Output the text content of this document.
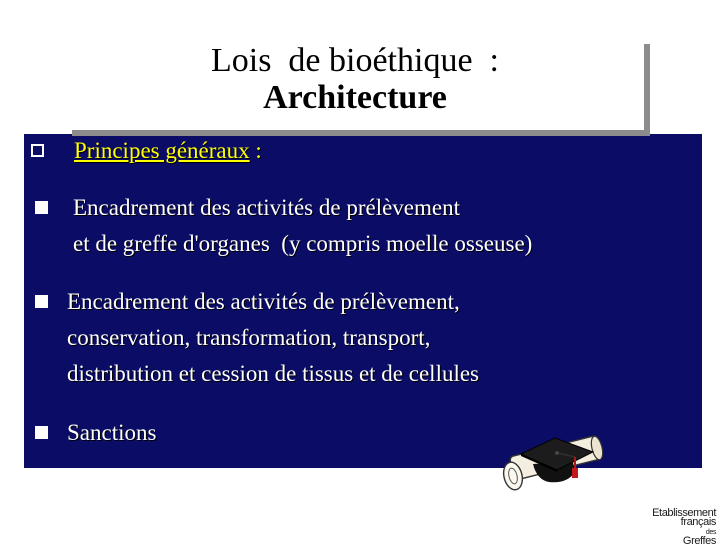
Lois  de bioéthique  :
Architecture
Principes généraux :
Encadrement des activités de prélèvement
et de greffe d'organes  (y compris moelle osseuse)
Encadrement des activités de prélèvement,
conservation, transformation, transport,
distribution et cession de tissus et de cellules
Sanctions
Etablissement
français
des
Greffes
